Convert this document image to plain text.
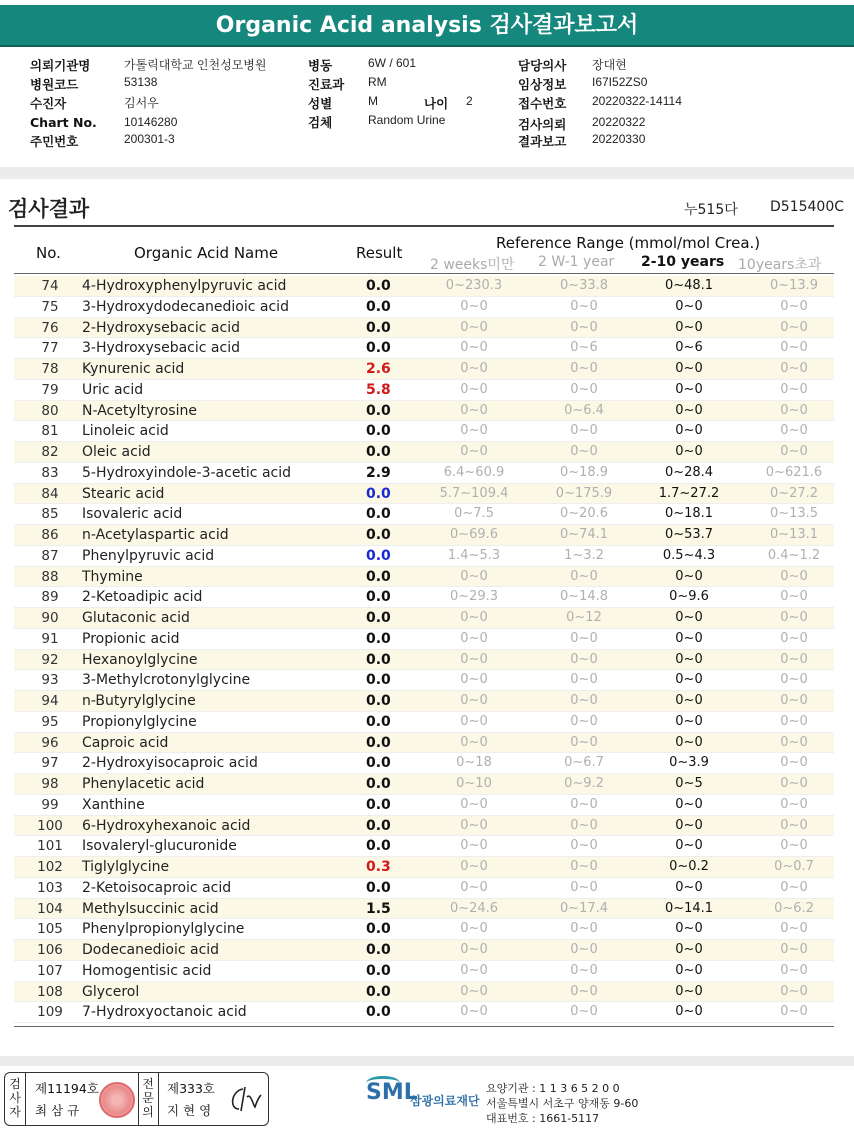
Organic Acid analysis 검사결과보고서
의뢰기관명	가톨릭대학교 인천성모병원
병원코드	53138
수진자	김서우
Chart No. 10146280
주민번호	200301-3
병동	6W / 601
진료과 RM
성별	M	나이 2
검체	Random Urine
담당의사 장대현
임상정보 I67I52ZS0
접수번호 20220322-14114
검사의뢰 20220322
결과보고 20220330
검사결과	누515다 D515400C
No.	Organic Acid Name	Result
Reference Range (mmol/mol Crea.)
2 weeks미만 2 W-1 year 2-10 years 10years초과
74	4-Hydroxyphenylpyruvic acid	0.0	0~230.3	0~33.8	0~48.1	0~13.9
75	3-Hydroxydodecanedioic acid	0.0	0~0	0~0	0~0	0~0
76	2-Hydroxysebacic acid	0.0	0~0	0~0	0~0	0~0
77	3-Hydroxysebacic acid	0.0	0~0	0~6	0~6	0~0
78	Kynurenic acid	2.6	0~0	0~0	0~0	0~0
79	Uric acid	5.8	0~0	0~0	0~0	0~0
80	N-Acetyltyrosine	0.0	0~0	0~6.4	0~0	0~0
81	Linoleic acid	0.0	0~0	0~0	0~0	0~0
82	Oleic acid	0.0	0~0	0~0	0~0	0~0
83	5-Hydroxyindole-3-acetic acid	2.9	6.4~60.9	0~18.9	0~28.4	0~621.6
84	Stearic acid	0.0	5.7~109.4	0~175.9	1.7~27.2	0~27.2
85	Isovaleric acid	0.0	0~7.5	0~20.6	0~18.1	0~13.5
86	n-Acetylaspartic acid	0.0	0~69.6	0~74.1	0~53.7	0~13.1
87	Phenylpyruvic acid	0.0	1.4~5.3	1~3.2	0.5~4.3	0.4~1.2
88	Thymine	0.0	0~0	0~0	0~0	0~0
89	2-Ketoadipic acid	0.0	0~29.3	0~14.8	0~9.6	0~0
90	Glutaconic acid	0.0	0~0	0~12	0~0	0~0
91	Propionic acid	0.0	0~0	0~0	0~0	0~0
92	Hexanoylglycine	0.0	0~0	0~0	0~0	0~0
93	3-Methylcrotonylglycine	0.0	0~0	0~0	0~0	0~0
94	n-Butyrylglycine	0.0	0~0	0~0	0~0	0~0
95	Propionylglycine	0.0	0~0	0~0	0~0	0~0
96	Caproic acid	0.0	0~0	0~0	0~0	0~0
97	2-Hydroxyisocaproic acid	0.0	0~18	0~6.7	0~3.9	0~0
98	Phenylacetic acid	0.0	0~10	0~9.2	0~5	0~0
99	Xanthine	0.0	0~0	0~0	0~0	0~0
100 6-Hydroxyhexanoic acid	0.0	0~0	0~0	0~0	0~0
101 Isovaleryl-glucuronide	0.0	0~0	0~0	0~0	0~0
102 Tiglylglycine	0.3	0~0	0~0	0~0.2	0~0.7
103 2-Ketoisocaproic acid	0.0	0~0	0~0	0~0	0~0
104 Methylsuccinic acid	1.5	0~24.6	0~17.4	0~14.1	0~6.2
105 Phenylpropionylglycine	0.0	0~0	0~0	0~0	0~0
106 Dodecanedioic acid	0.0	0~0	0~0	0~0	0~0
107 Homogentisic acid	0.0	0~0	0~0	0~0	0~0
108 Glycerol	0.0	0~0	0~0	0~0	0~0
109 7-Hydroxyoctanoic acid	0.0	0~0	0~0	0~0	0~0
검사자
제11194호
최 삼 규
전문의
제333호
지 현 영
SML
삼광의료재단
요양기관 : 1 1 3 6 5 2 0 0
서울특별시 서초구 양재동 9-60
대표번호 : 1661-5117
